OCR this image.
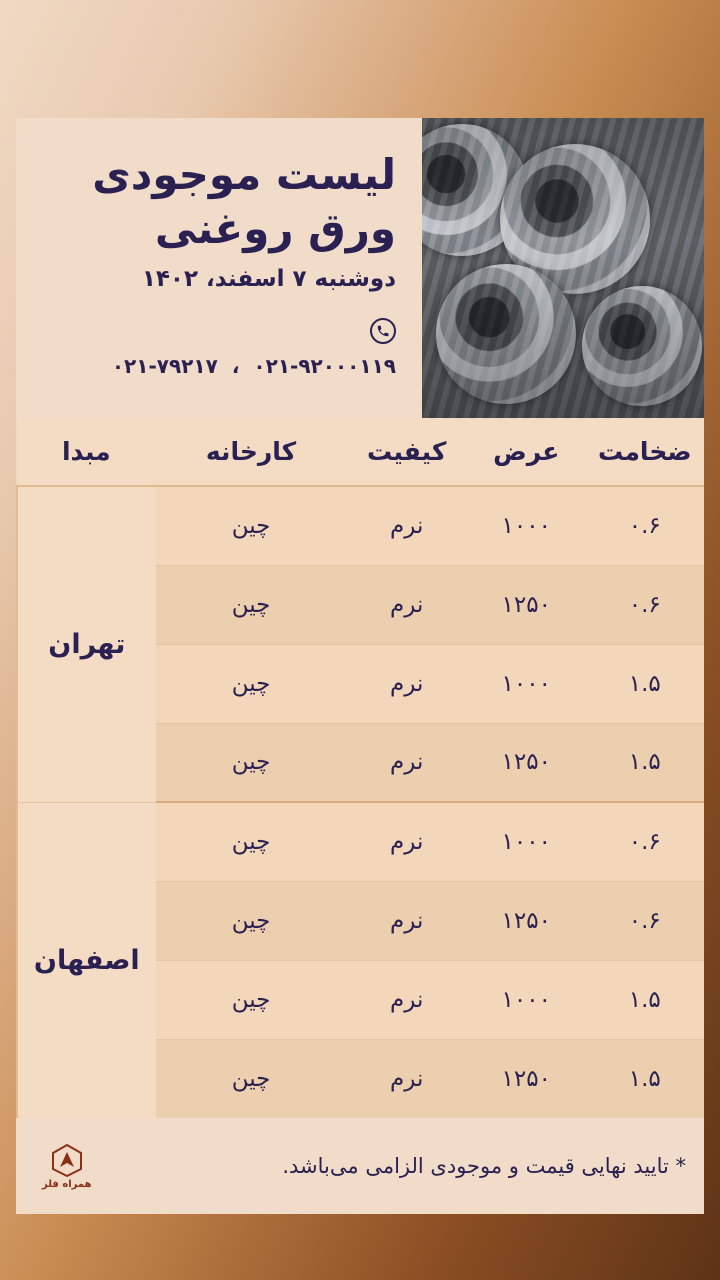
لیست موجودی
ورق روغنی
دوشنبه ۷ اسفند، ۱۴۰۲
۰۲۱-۹۲۰۰۰۱۱۹
،
۰۲۱-۷۹۲۱۷
ضخامت	عرض	کیفیت	کارخانه	مبدا
۰.۶	۱۰۰۰	نرم	چین	تهران
۰.۶	۱۲۵۰	نرم	چین	
۱.۵	۱۰۰۰	نرم	چین	
۱.۵	۱۲۵۰	نرم	چین	
۰.۶	۱۰۰۰	نرم	چین	اصفهان
۰.۶	۱۲۵۰	نرم	چین	
۱.۵	۱۰۰۰	نرم	چین	
۱.۵	۱۲۵۰	نرم	چین	
* تایید نهایی قیمت و موجودی الزامی می‌باشد.
همراه فلز
